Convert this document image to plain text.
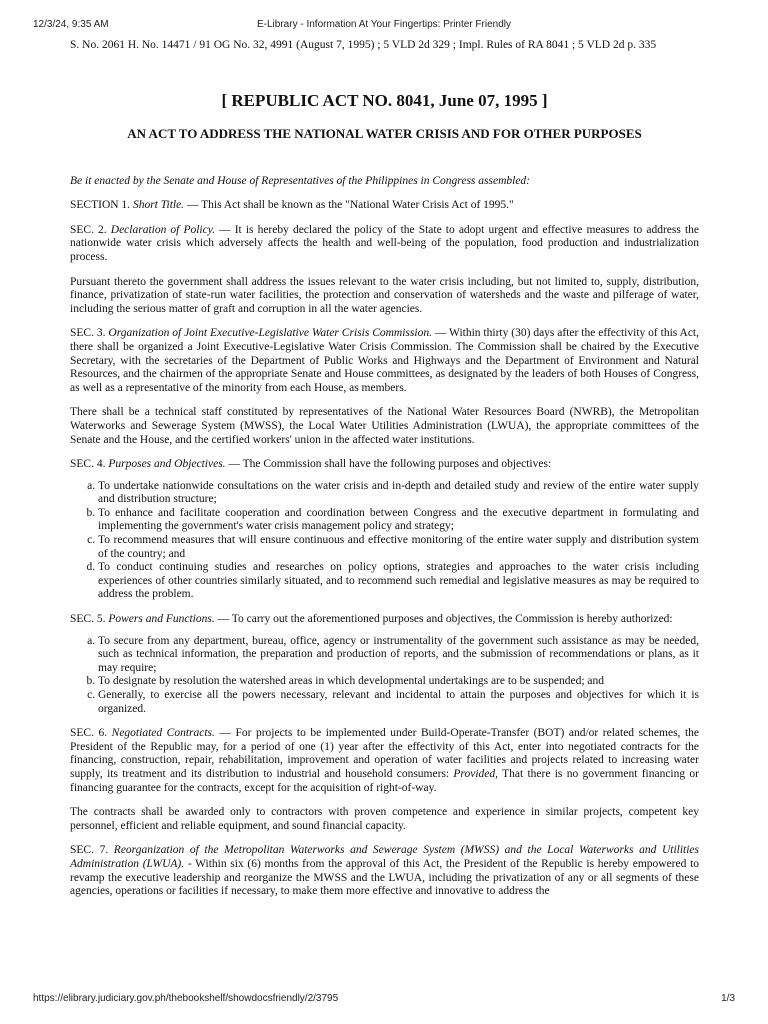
12/3/24, 9:35 AM	E-Library - Information At Your Fingertips: Printer Friendly

S. No. 2061 H. No. 14471 / 91 OG No. 32, 4991 (August 7, 1995) ; 5 VLD 2d 329 ; Impl. Rules of RA 8041 ; 5 VLD 2d p. 335

[ REPUBLIC ACT NO. 8041, June 07, 1995 ]
AN ACT TO ADDRESS THE NATIONAL WATER CRISIS AND FOR OTHER PURPOSES

Be it enacted by the Senate and House of Representatives of the Philippines in Congress assembled:

SECTION 1. Short Title. — This Act shall be known as the "National Water Crisis Act of 1995."

SEC. 2. Declaration of Policy. — It is hereby declared the policy of the State to adopt urgent and effective measures to address the nationwide water crisis which adversely affects the health and well-being of the population, food production and industrialization process.

Pursuant thereto the government shall address the issues relevant to the water crisis including, but not limited to, supply, distribution, finance, privatization of state-run water facilities, the protection and conservation of watersheds and the waste and pilferage of water, including the serious matter of graft and corruption in all the water agencies.

SEC. 3. Organization of Joint Executive-Legislative Water Crisis Commission. — Within thirty (30) days after the effectivity of this Act, there shall be organized a Joint Executive-Legislative Water Crisis Commission. The Commission shall be chaired by the Executive Secretary, with the secretaries of the Department of Public Works and Highways and the Department of Environment and Natural Resources, and the chairmen of the appropriate Senate and House committees, as designated by the leaders of both Houses of Congress, as well as a representative of the minority from each House, as members.

There shall be a technical staff constituted by representatives of the National Water Resources Board (NWRB), the Metropolitan Waterworks and Sewerage System (MWSS), the Local Water Utilities Administration (LWUA), the appropriate committees of the Senate and the House, and the certified workers' union in the affected water institutions.

SEC. 4. Purposes and Objectives. — The Commission shall have the following purposes and objectives:

a. To undertake nationwide consultations on the water crisis and in-depth and detailed study and review of the entire water supply and distribution structure;
b. To enhance and facilitate cooperation and coordination between Congress and the executive department in formulating and implementing the government's water crisis management policy and strategy;
c. To recommend measures that will ensure continuous and effective monitoring of the entire water supply and distribution system of the country; and
d. To conduct continuing studies and researches on policy options, strategies and approaches to the water crisis including experiences of other countries similarly situated, and to recommend such remedial and legislative measures as may be required to address the problem.

SEC. 5. Powers and Functions. — To carry out the aforementioned purposes and objectives, the Commission is hereby authorized:

a. To secure from any department, bureau, office, agency or instrumentality of the government such assistance as may be needed, such as technical information, the preparation and production of reports, and the submission of recommendations or plans, as it may require;
b. To designate by resolution the watershed areas in which developmental undertakings are to be suspended; and
c. Generally, to exercise all the powers necessary, relevant and incidental to attain the purposes and objectives for which it is organized.

SEC. 6. Negotiated Contracts. — For projects to be implemented under Build-Operate-Transfer (BOT) and/or related schemes, the President of the Republic may, for a period of one (1) year after the effectivity of this Act, enter into negotiated contracts for the financing, construction, repair, rehabilitation, improvement and operation of water facilities and projects related to increasing water supply, its treatment and its distribution to industrial and household consumers: Provided, That there is no government financing or financing guarantee for the contracts, except for the acquisition of right-of-way.

The contracts shall be awarded only to contractors with proven competence and experience in similar projects, competent key personnel, efficient and reliable equipment, and sound financial capacity.

SEC. 7. Reorganization of the Metropolitan Waterworks and Sewerage System (MWSS) and the Local Waterworks and Utilities Administration (LWUA). - Within six (6) months from the approval of this Act, the President of the Republic is hereby empowered to revamp the executive leadership and reorganize the MWSS and the LWUA, including the privatization of any or all segments of these agencies, operations or facilities if necessary, to make them more effective and innovative to address the

https://elibrary.judiciary.gov.ph/thebookshelf/showdocsfriendly/2/3795	1/3
